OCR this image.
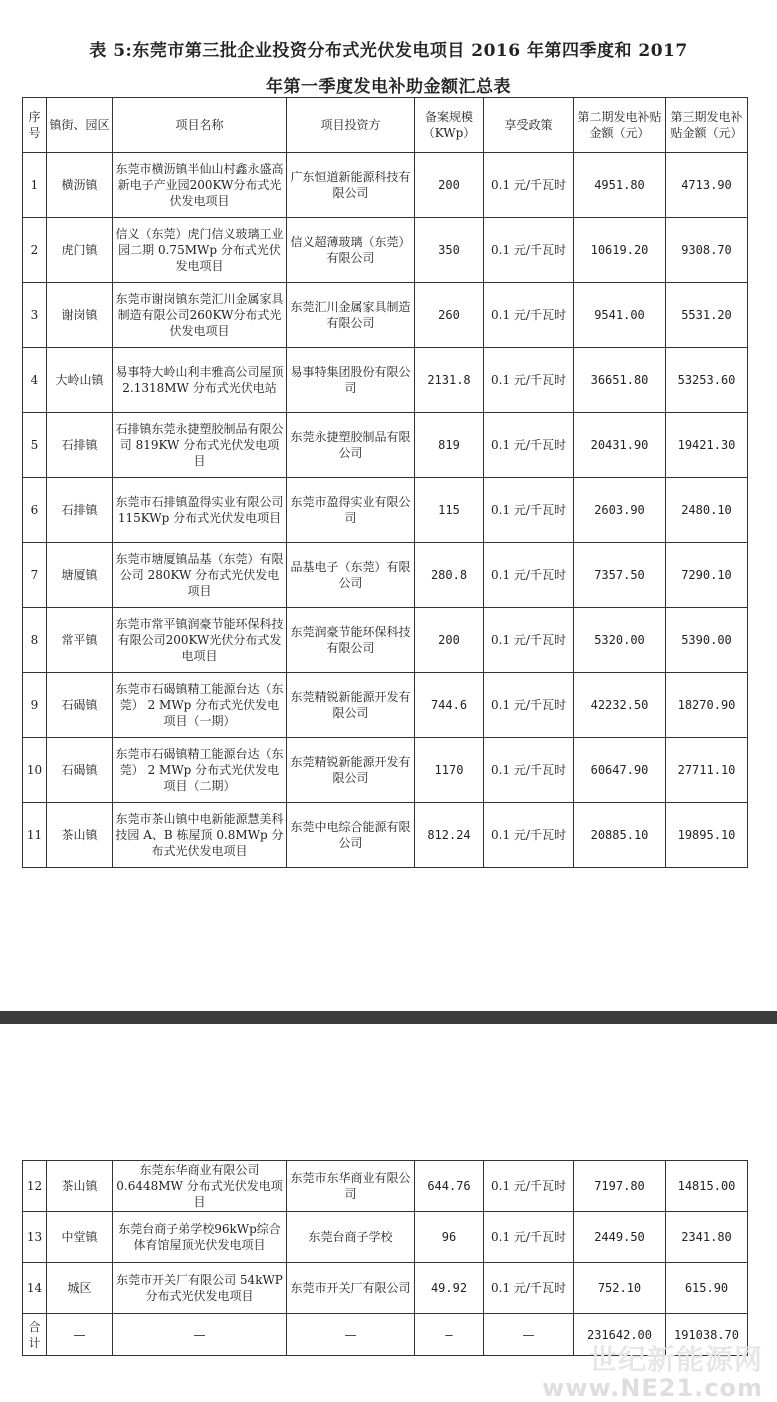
表 5:东莞市第三批企业投资分布式光伏发电项目 2016 年第四季度和 2017
年第一季度发电补助金额汇总表
序号	镇街、园区	项目名称	项目投资方	备案规模（KWp）	享受政策	第二期发电补贴金额（元）	第三期发电补贴金额（元）
1	横沥镇	东莞市横沥镇半仙山村鑫永盛高新电子产业园200KW分布式光伏发电项目	广东恒道新能源科技有限公司	200	0.1 元/千瓦时	4951.80	4713.90
2	虎门镇	信义（东莞）虎门信义玻璃工业园二期 0.75MWp 分布式光伏发电项目	信义超薄玻璃（东莞）有限公司	350	0.1 元/千瓦时	10619.20	9308.70
3	谢岗镇	东莞市谢岗镇东莞汇川金属家具制造有限公司260KW分布式光伏发电项目	东莞汇川金属家具制造有限公司	260	0.1 元/千瓦时	9541.00	5531.20
4	大岭山镇	易事特大岭山利丰雅高公司屋顶 2.1318MW 分布式光伏电站	易事特集团股份有限公司	2131.8	0.1 元/千瓦时	36651.80	53253.60
5	石排镇	石排镇东莞永捷塑胶制品有限公司 819KW 分布式光伏发电项目	东莞永捷塑胶制品有限公司	819	0.1 元/千瓦时	20431.90	19421.30
6	石排镇	东莞市石排镇盈得实业有限公司 115KWp 分布式光伏发电项目	东莞市盈得实业有限公司	115	0.1 元/千瓦时	2603.90	2480.10
7	塘厦镇	东莞市塘厦镇品基（东莞）有限公司 280KW 分布式光伏发电项目	品基电子（东莞）有限公司	280.8	0.1 元/千瓦时	7357.50	7290.10
8	常平镇	东莞市常平镇润豪节能环保科技有限公司200KW光伏分布式发电项目	东莞润豪节能环保科技有限公司	200	0.1 元/千瓦时	5320.00	5390.00
9	石碣镇	东莞市石碣镇精工能源台达（东莞） 2 MWp 分布式光伏发电项目（一期）	东莞精锐新能源开发有限公司	744.6	0.1 元/千瓦时	42232.50	18270.90
10	石碣镇	东莞市石碣镇精工能源台达（东莞） 2 MWp 分布式光伏发电项目（二期）	东莞精锐新能源开发有限公司	1170	0.1 元/千瓦时	60647.90	27711.10
11	茶山镇	东莞市茶山镇中电新能源慧美科技园 A、B 栋屋顶 0.8MWp 分布式光伏发电项目	东莞中电综合能源有限公司	812.24	0.1 元/千瓦时	20885.10	19895.10
12	茶山镇	东莞东华商业有限公司 0.6448MW 分布式光伏发电项目	东莞市东华商业有限公司	644.76	0.1 元/千瓦时	7197.80	14815.00
13	中堂镇	东莞台商子弟学校96kWp综合体育馆屋顶光伏发电项目	东莞台商子学校	96	0.1 元/千瓦时	2449.50	2341.80
14	城区	东莞市开关厂有限公司 54kWP 分布式光伏发电项目	东莞市开关厂有限公司	49.92	0.1 元/千瓦时	752.10	615.90
合计	—	—	—	—	—	231642.00	191038.70
世纪新能源网
www.NE21.com
